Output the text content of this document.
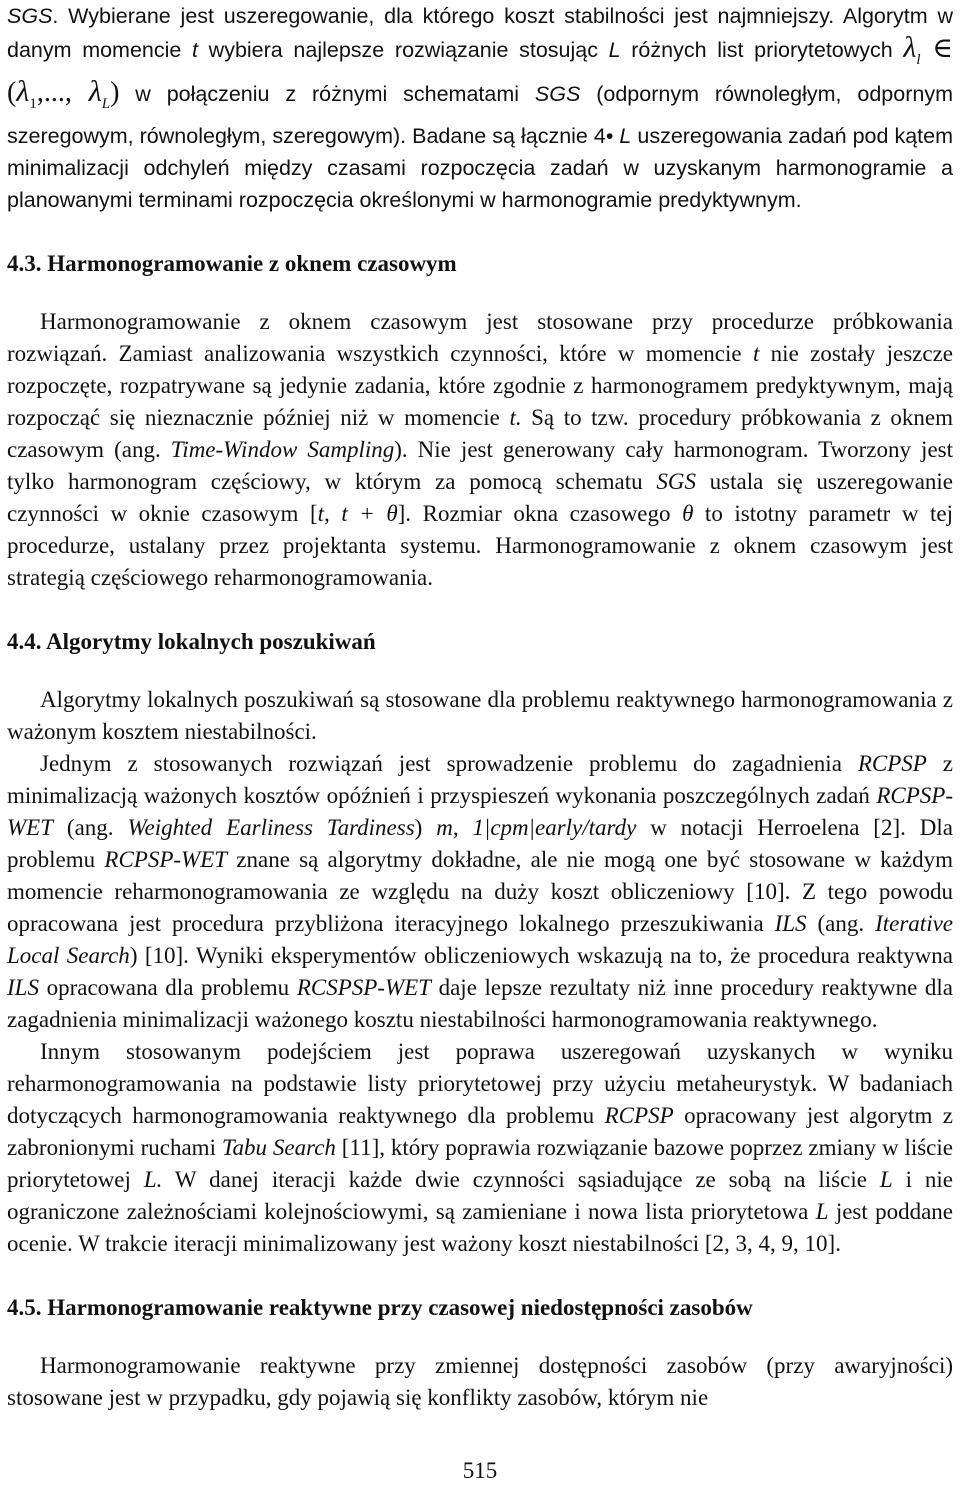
SGS. Wybierane jest uszeregowanie, dla którego koszt stabilności jest najmniejszy. Algorytm w danym momencie t wybiera najlepsze rozwiązanie stosując L różnych list priorytetowych $\lambda_l$ ∈ ($\lambda_1$,..., $\lambda_L$) w połączeniu z różnymi schematami SGS (odpornym równoległym, odpornym szeregowym, równoległym, szeregowym). Badane są łącznie 4• L uszeregowania zadań pod kątem minimalizacji odchyleń między czasami rozpoczęcia zadań w uzyskanym harmonogramie a planowanymi terminami rozpoczęcia określonymi w harmonogramie predyktywnym.

4.3. Harmonogramowanie z oknem czasowym

Harmonogramowanie z oknem czasowym jest stosowane przy procedurze próbkowania rozwiązań. Zamiast analizowania wszystkich czynności, które w momencie t nie zostały jeszcze rozpoczęte, rozpatrywane są jedynie zadania, które zgodnie z harmonogramem predyktywnym, mają rozpocząć się nieznacznie później niż w momencie t. Są to tzw. procedury próbkowania z oknem czasowym (ang. Time-Window Sampling). Nie jest generowany cały harmonogram. Tworzony jest tylko harmonogram częściowy, w którym za pomocą schematu SGS ustala się uszeregowanie czynności w oknie czasowym [t, t + θ]. Rozmiar okna czasowego θ to istotny parametr w tej procedurze, ustalany przez projektanta systemu. Harmonogramowanie z oknem czasowym jest strategią częściowego reharmonogramowania.

4.4. Algorytmy lokalnych poszukiwań

Algorytmy lokalnych poszukiwań są stosowane dla problemu reaktywnego harmonogramowania z ważonym kosztem niestabilności.

Jednym z stosowanych rozwiązań jest sprowadzenie problemu do zagadnienia RCPSP z minimalizacją ważonych kosztów opóźnień i przyspieszeń wykonania poszczególnych zadań RCPSP-WET (ang. Weighted Earliness Tardiness) m, 1|cpm|early/tardy w notacji Herroelena [2]. Dla problemu RCPSP-WET znane są algorytmy dokładne, ale nie mogą one być stosowane w każdym momencie reharmonogramowania ze względu na duży koszt obliczeniowy [10]. Z tego powodu opracowana jest procedura przybliżona iteracyjnego lokalnego przeszukiwania ILS (ang. Iterative Local Search) [10]. Wyniki eksperymentów obliczeniowych wskazują na to, że procedura reaktywna ILS opracowana dla problemu RCSPSP-WET daje lepsze rezultaty niż inne procedury reaktywne dla zagadnienia minimalizacji ważonego kosztu niestabilności harmonogramowania reaktywnego.

Innym stosowanym podejściem jest poprawa uszeregowań uzyskanych w wyniku reharmonogramowania na podstawie listy priorytetowej przy użyciu metaheurystyk. W badaniach dotyczących harmonogramowania reaktywnego dla problemu RCPSP opracowany jest algorytm z zabronionymi ruchami Tabu Search [11], który poprawia rozwiązanie bazowe poprzez zmiany w liście priorytetowej L. W danej iteracji każde dwie czynności sąsiadujące ze sobą na liście L i nie ograniczone zależnościami kolejnościowymi, są zamieniane i nowa lista priorytetowa L jest poddane ocenie. W trakcie iteracji minimalizowany jest ważony koszt niestabilności [2, 3, 4, 9, 10].

4.5. Harmonogramowanie reaktywne przy czasowej niedostępności zasobów

Harmonogramowanie reaktywne przy zmiennej dostępności zasobów (przy awaryjności) stosowane jest w przypadku, gdy pojawią się konflikty zasobów, którym nie

515
